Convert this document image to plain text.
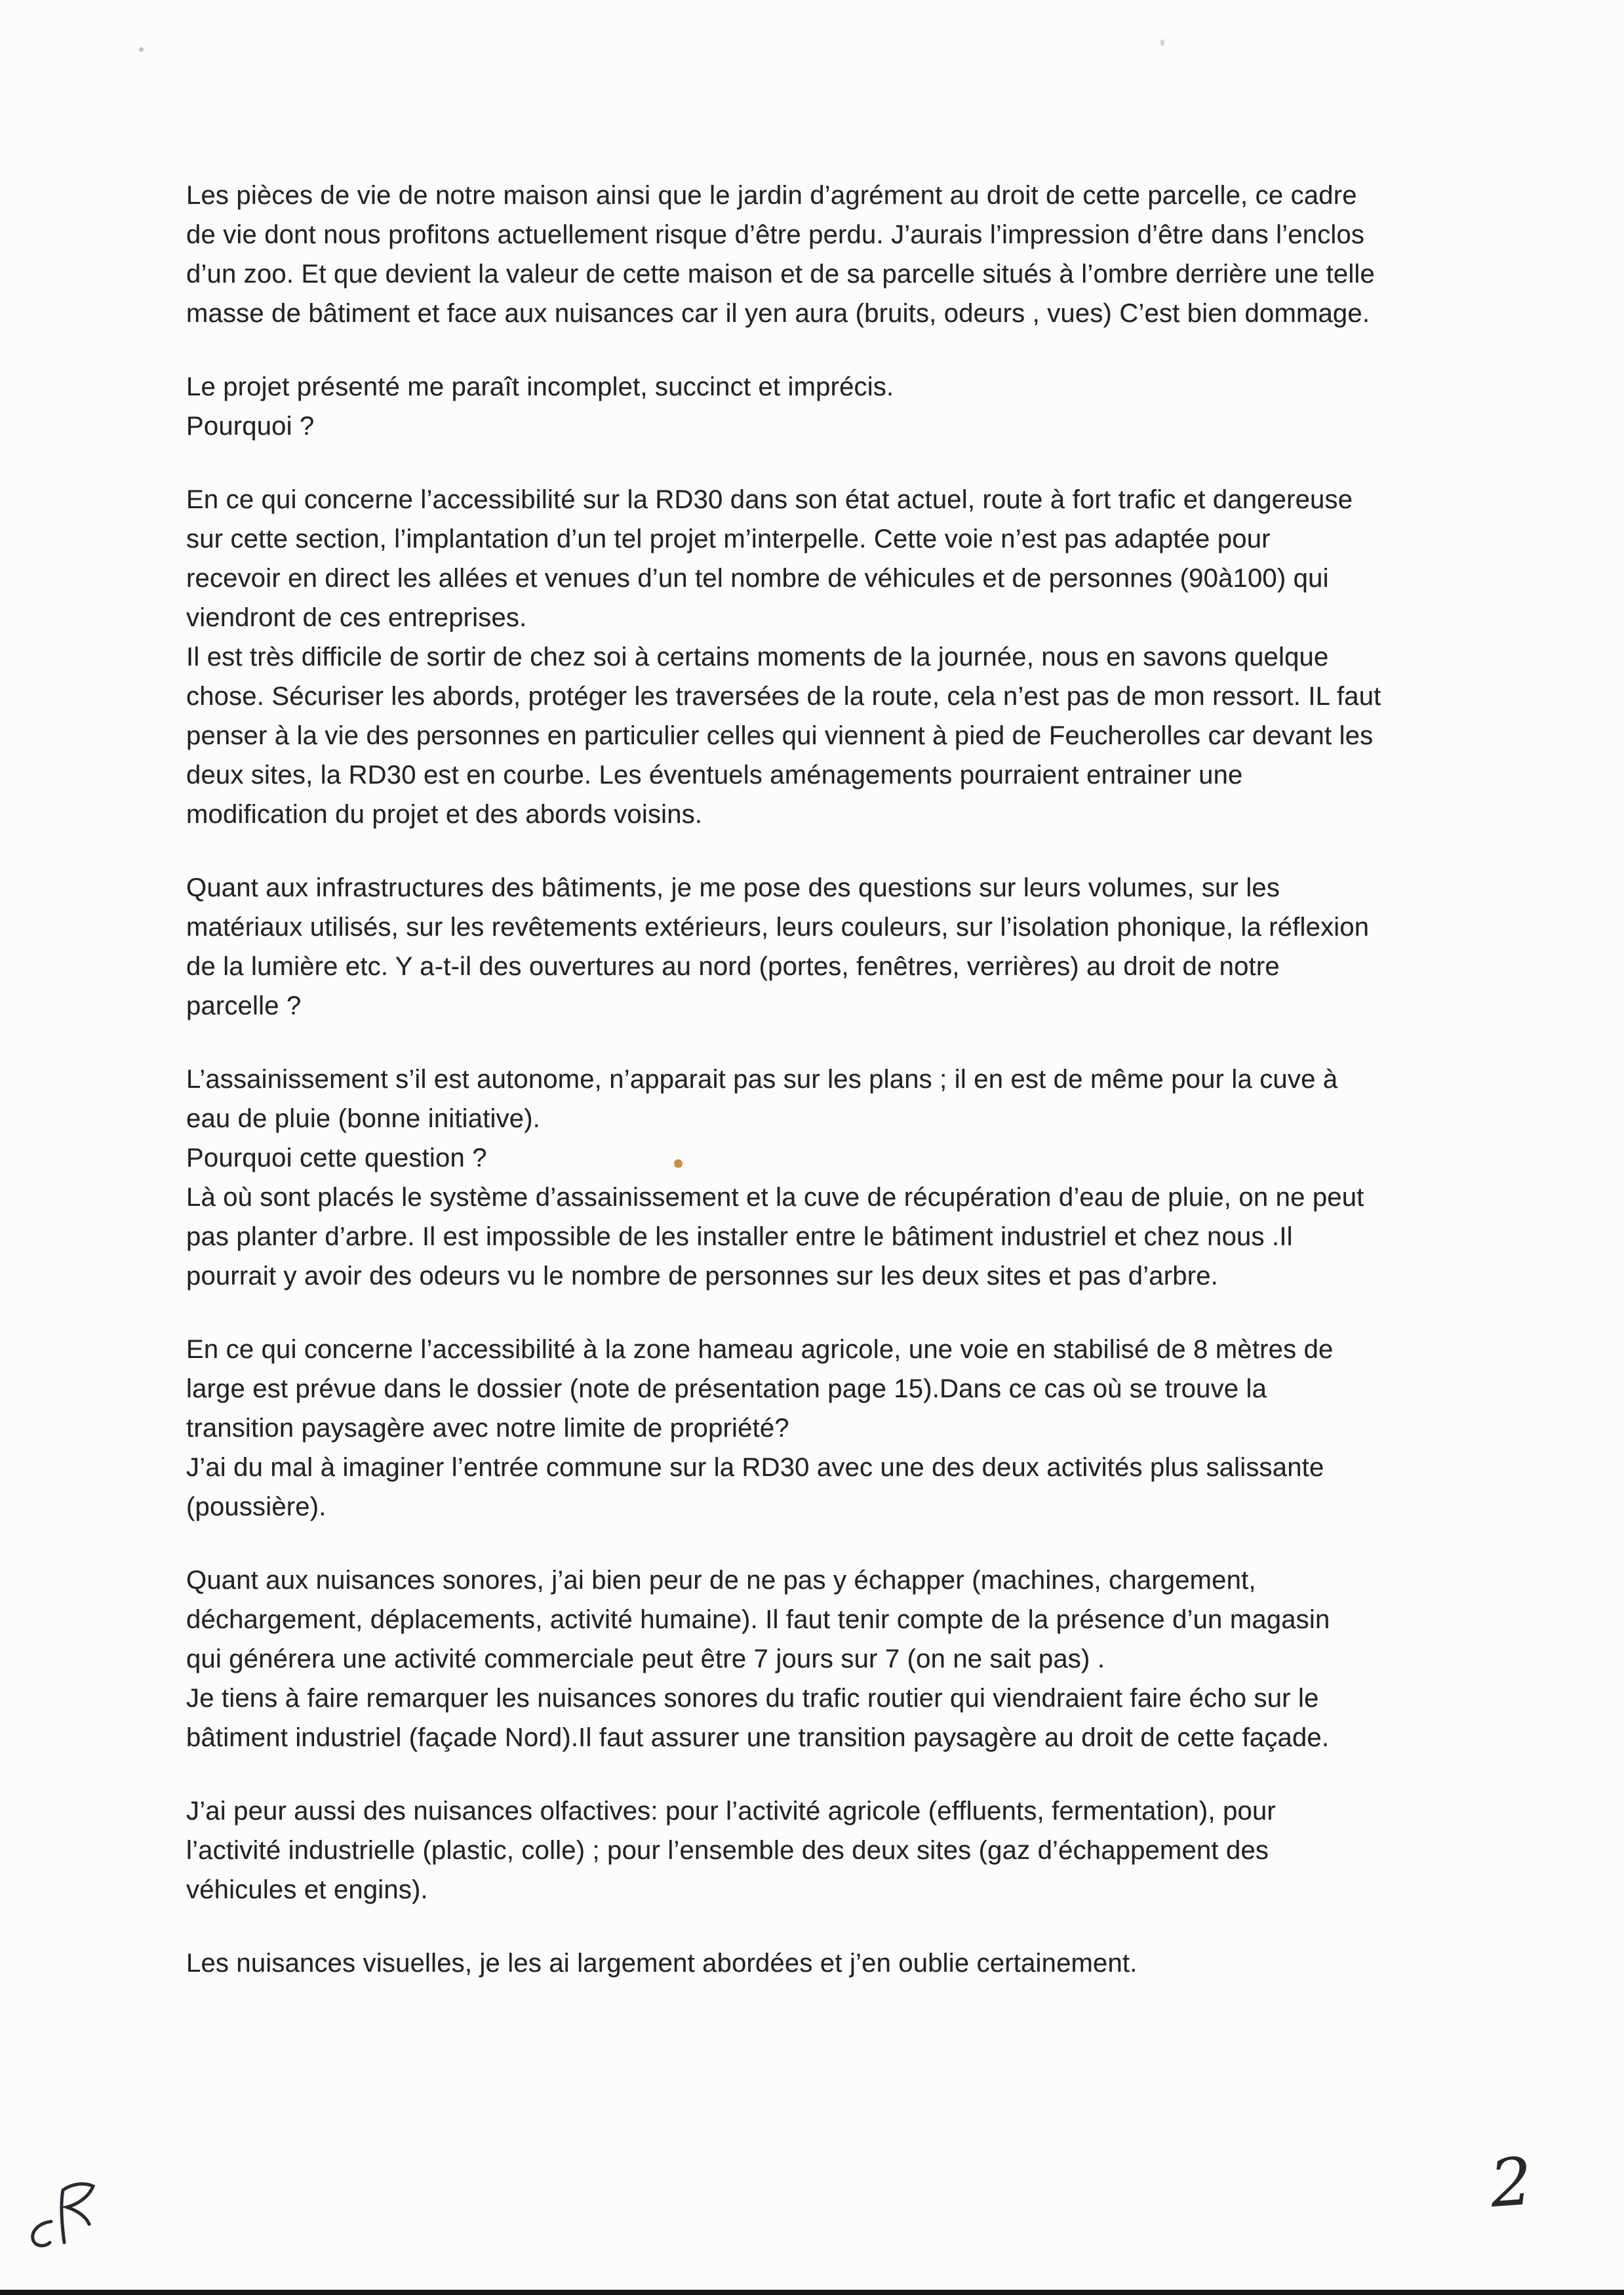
Les pièces de vie de notre maison ainsi que le jardin d’agrément au droit de cette parcelle, ce cadre
de vie dont nous profitons actuellement risque d’être perdu. J’aurais l’impression d’être dans l’enclos
d’un zoo. Et que devient la valeur de cette maison et de sa parcelle situés à l’ombre derrière une telle
masse de bâtiment et face aux nuisances car il yen aura (bruits, odeurs , vues) C’est bien dommage.

Le projet présenté me paraît incomplet, succinct et imprécis.
Pourquoi ?

En ce qui concerne l’accessibilité sur la RD30 dans son état actuel, route à fort trafic et dangereuse
sur cette section, l’implantation d’un tel projet m’interpelle. Cette voie n’est pas adaptée pour
recevoir en direct les allées et venues d’un tel nombre de véhicules et de personnes (90à100) qui
viendront de ces entreprises.
Il est très difficile de sortir de chez soi à certains moments de la journée, nous en savons quelque
chose. Sécuriser les abords, protéger les traversées de la route, cela n’est pas de mon ressort. IL faut
penser à la vie des personnes en particulier celles qui viennent à pied de Feucherolles car devant les
deux sites, la RD30 est en courbe. Les éventuels aménagements pourraient entrainer une
modification du projet et des abords voisins.

Quant aux infrastructures des bâtiments, je me pose des questions sur leurs volumes, sur les
matériaux utilisés, sur les revêtements extérieurs, leurs couleurs, sur l’isolation phonique, la réflexion
de la lumière etc. Y a-t-il des ouvertures au nord (portes, fenêtres, verrières) au droit de notre
parcelle ?

L’assainissement s’il est autonome, n’apparait pas sur les plans ; il en est de même pour la cuve à
eau de pluie (bonne initiative).
Pourquoi cette question ?
Là où sont placés le système d’assainissement et la cuve de récupération d’eau de pluie, on ne peut
pas planter d’arbre. Il est impossible de les installer entre le bâtiment industriel et chez nous .Il
pourrait y avoir des odeurs vu le nombre de personnes sur les deux sites et pas d’arbre.

En ce qui concerne l’accessibilité à la zone hameau agricole, une voie en stabilisé de 8 mètres de
large est prévue dans le dossier (note de présentation page 15).Dans ce cas où se trouve la
transition paysagère avec notre limite de propriété?
J’ai du mal à imaginer l’entrée commune sur la RD30 avec une des deux activités plus salissante
(poussière).

Quant aux nuisances sonores, j’ai bien peur de ne pas y échapper (machines, chargement,
déchargement, déplacements, activité humaine). Il faut tenir compte de la présence d’un magasin
qui générera une activité commerciale peut être 7 jours sur 7 (on ne sait pas) .
Je tiens à faire remarquer les nuisances sonores du trafic routier qui viendraient faire écho sur le
bâtiment industriel (façade Nord).Il faut assurer une transition paysagère au droit de cette façade.

J’ai peur aussi des nuisances olfactives: pour l’activité agricole (effluents, fermentation), pour
l’activité industrielle (plastic, colle) ; pour l’ensemble des deux sites (gaz d’échappement des
véhicules et engins).

Les nuisances visuelles, je les ai largement abordées et j’en oublie certainement.

2
